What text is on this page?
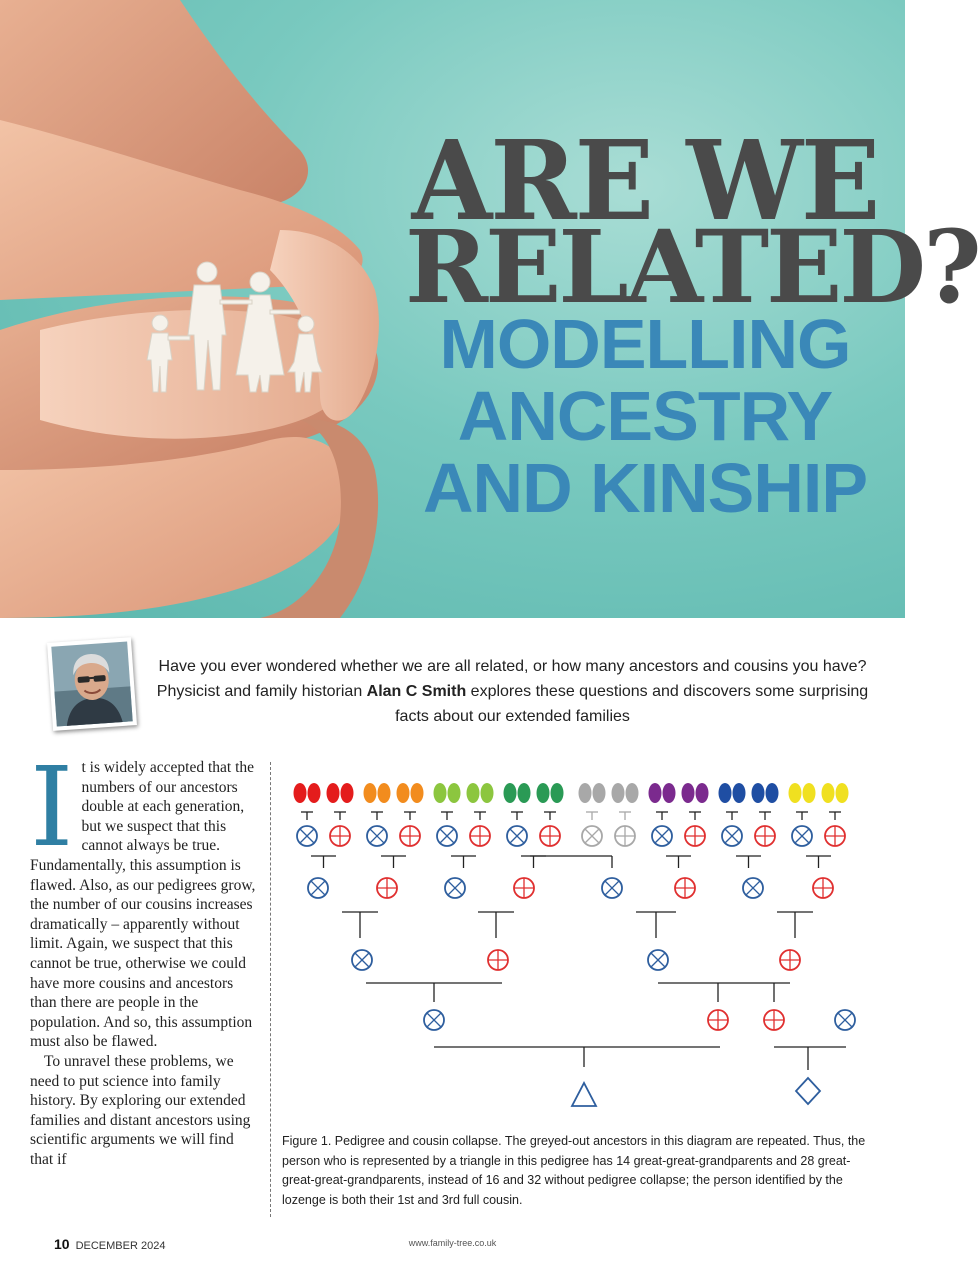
ARE WE
RELATED?
MODELLING
ANCESTRY
AND KINSHIP

Have you ever wondered whether we are all related, or how many ancestors and cousins you have? Physicist and family historian Alan C Smith explores these questions and discovers some surprising facts about our extended families

I t is widely accepted that the numbers of our ancestors double at each generation, but we suspect that this cannot always be true. Fundamentally, this assumption is flawed. Also, as our pedigrees grow, the number of our cousins increases dramatically – apparently without limit. Again, we suspect that this cannot be true, otherwise we could have more cousins and ancestors than there are people in the population. And so, this assumption must also be flawed.

To unravel these problems, we need to put science into family history. By exploring our extended families and distant ancestors using scientific arguments we will find that if

Figure 1. Pedigree and cousin collapse. The greyed-out ancestors in this diagram are repeated. Thus, the person who is represented by a triangle in this pedigree has 14 great-great-grandparents and 28 great-great-great-grandparents, instead of 16 and 32 without pedigree collapse; the person identified by the lozenge is both their 1st and 3rd full cousin.

10 DECEMBER 2024	www.family-tree.co.uk
